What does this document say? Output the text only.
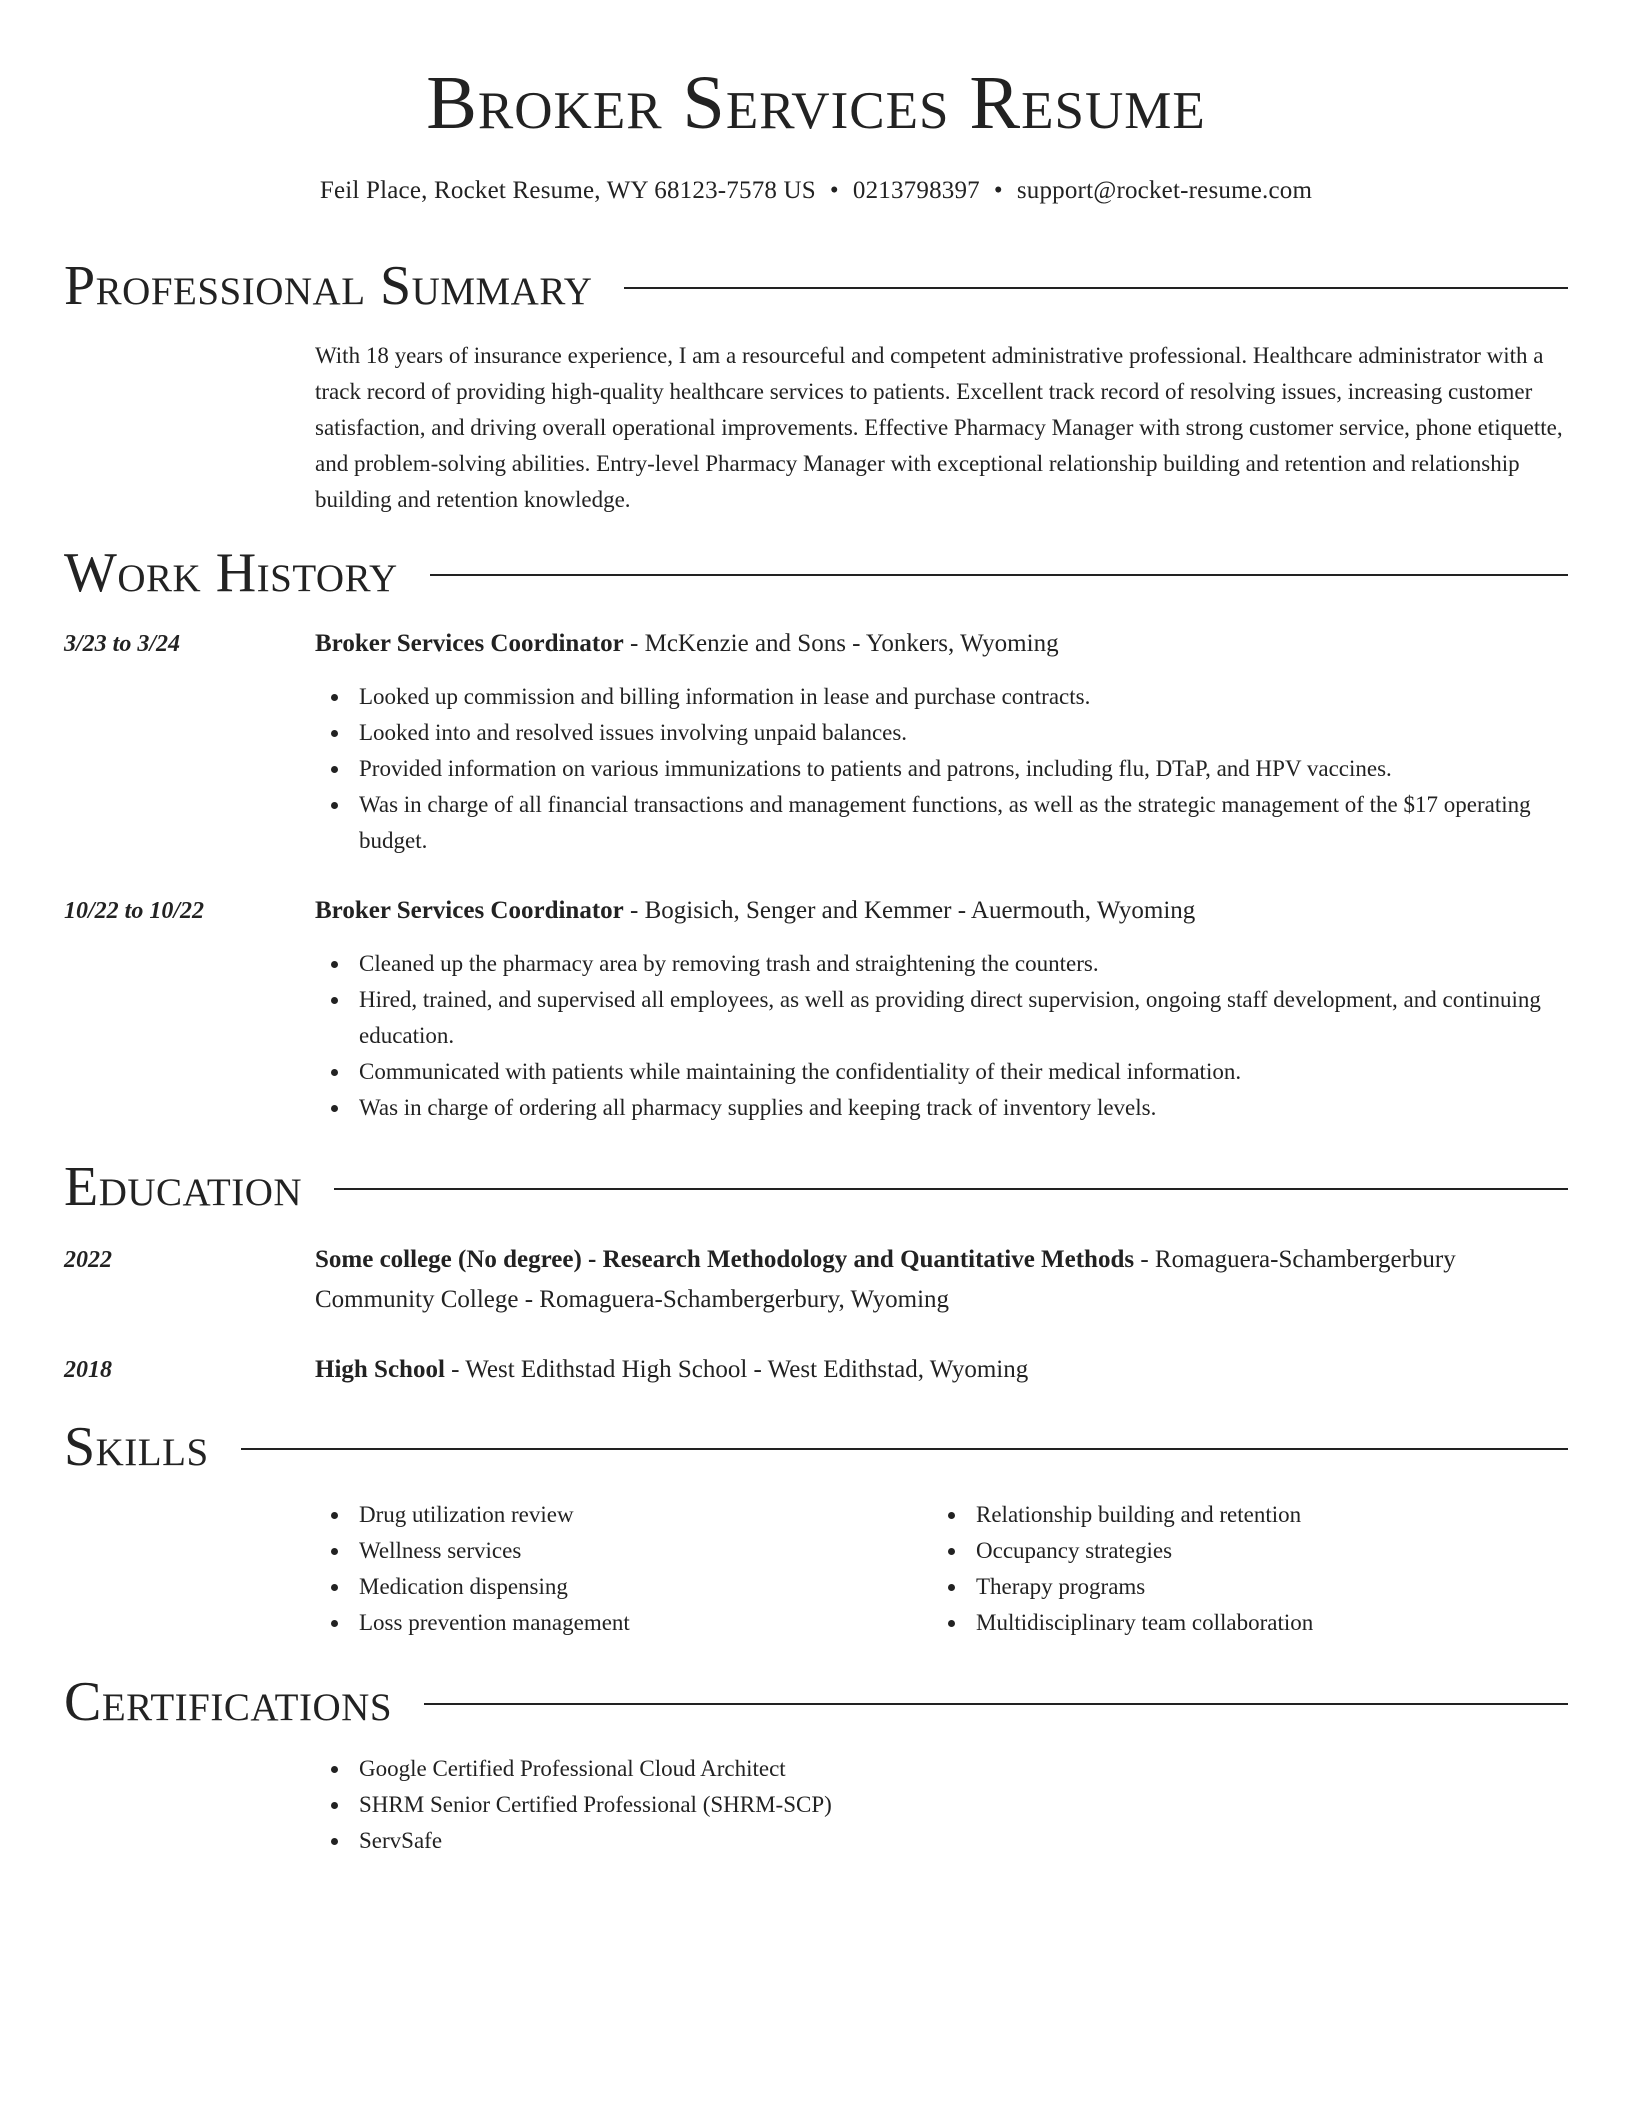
Broker Services Resume
Feil Place, Rocket Resume, WY 68123-7578 US • 0213798397 • support@rocket-resume.com
Professional Summary

With 18 years of insurance experience, I am a resourceful and competent administrative professional. Healthcare administrator with a track record of providing high-quality healthcare services to patients. Excellent track record of resolving issues, increasing customer satisfaction, and driving overall operational improvements. Effective Pharmacy Manager with strong customer service, phone etiquette, and problem-solving abilities. Entry-level Pharmacy Manager with exceptional relationship building and retention and relationship building and retention knowledge.

Work History
3/23 to 3/24	Broker Services Coordinator - McKenzie and Sons - Yonkers, Wyoming
Looked up commission and billing information in lease and purchase contracts.
Looked into and resolved issues involving unpaid balances.
Provided information on various immunizations to patients and patrons, including flu, DTaP, and HPV vaccines.
Was in charge of all financial transactions and management functions, as well as the strategic management of the $17 operating budget.
10/22 to 10/22	Broker Services Coordinator - Bogisich, Senger and Kemmer - Auermouth, Wyoming
Cleaned up the pharmacy area by removing trash and straightening the counters.
Hired, trained, and supervised all employees, as well as providing direct supervision, ongoing staff development, and continuing education.
Communicated with patients while maintaining the confidentiality of their medical information.
Was in charge of ordering all pharmacy supplies and keeping track of inventory levels.
Education
2022	Some college (No degree) - Research Methodology and Quantitative Methods - Romaguera-Schambergerbury Community College - Romaguera-Schambergerbury, Wyoming
2018	High School - West Edithstad High School - West Edithstad, Wyoming
Skills
Drug utilization review
Wellness services
Medication dispensing
Loss prevention management
Relationship building and retention
Occupancy strategies
Therapy programs
Multidisciplinary team collaboration
Certifications
Google Certified Professional Cloud Architect
SHRM Senior Certified Professional (SHRM-SCP)
ServSafe
